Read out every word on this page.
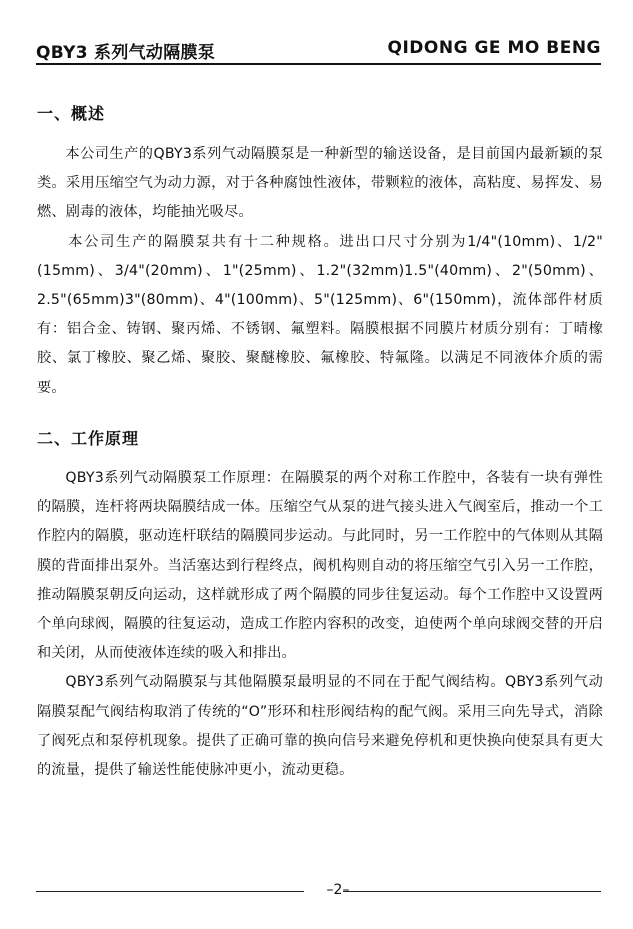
QBY3 系列气动隔膜泵	QIDONG GE MO BENG
一、概述

本公司生产的QBY3系列气动隔膜泵是一种新型的输送设备，是目前国内最新颖的泵类。采用压缩空气为动力源，对于各种腐蚀性液体，带颗粒的液体，高粘度、易挥发、易燃、剧毒的液体，均能抽光吸尽。

本公司生产的隔膜泵共有十二种规格。进出口尺寸分别为1/4"(10mm)、1/2"(15mm)、3/4"(20mm)、1"(25mm)、1.2"(32mm)1.5"(40mm)、2"(50mm)、2.5"(65mm)3"(80mm)、4"(100mm)、5"(125mm)、6"(150mm)，流体部件材质有：铝合金、铸钢、聚丙烯、不锈钢、氟塑料。隔膜根据不同膜片材质分别有：丁晴橡胶、氯丁橡胶、聚乙烯、聚胶、聚醚橡胶、氟橡胶、特氟隆。以满足不同液体介质的需要。

二、工作原理

QBY3系列气动隔膜泵工作原理：在隔膜泵的两个对称工作腔中，各装有一块有弹性的隔膜，连杆将两块隔膜结成一体。压缩空气从泵的进气接头进入气阀室后，推动一个工作腔内的隔膜，驱动连杆联结的隔膜同步运动。与此同时，另一工作腔中的气体则从其隔膜的背面排出泵外。当活塞达到行程终点，阀机构则自动的将压缩空气引入另一工作腔，推动隔膜泵朝反向运动，这样就形成了两个隔膜的同步往复运动。每个工作腔中又设置两个单向球阀，隔膜的往复运动，造成工作腔内容积的改变，迫使两个单向球阀交替的开启和关闭，从而使液体连续的吸入和排出。

QBY3系列气动隔膜泵与其他隔膜泵最明显的不同在于配气阀结构。QBY3系列气动隔膜泵配气阀结构取消了传统的“O”形环和柱形阀结构的配气阀。采用三向先导式，消除了阀死点和泵停机现象。提供了正确可靠的换向信号来避免停机和更快换向使泵具有更大的流量，提供了输送性能使脉冲更小，流动更稳。

–2–
